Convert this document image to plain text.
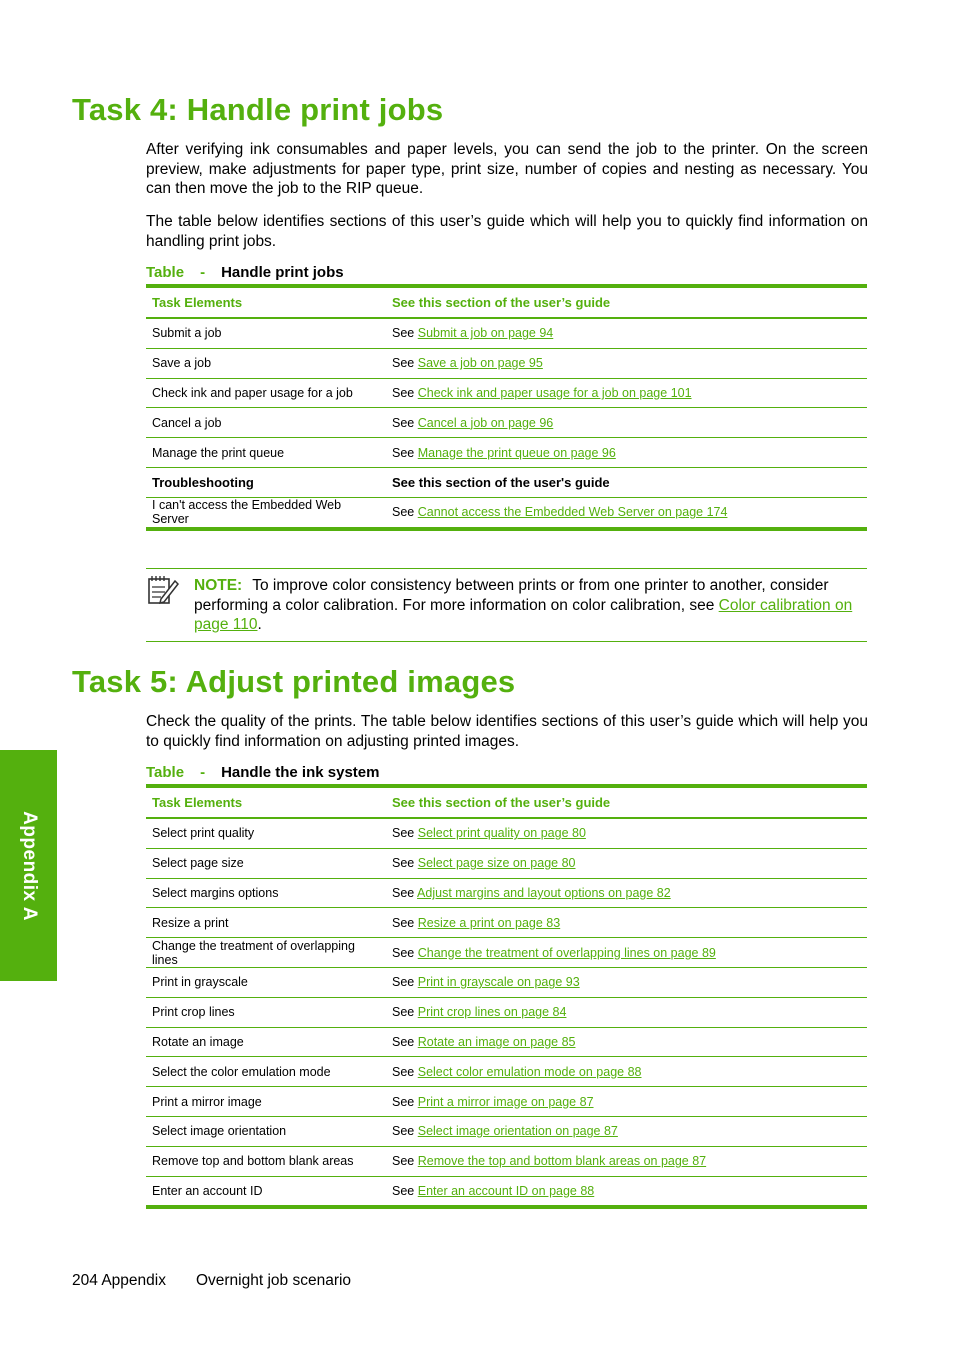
Task 4: Handle print jobs

After verifying ink consumables and paper levels, you can send the job to the printer. On the screen preview, make adjustments for paper type, print size, number of copies and nesting as necessary. You can then move the job to the RIP queue.

The table below identifies sections of this user’s guide which will help you to quickly find information on handling print jobs.

Table - Handle print jobs

Task Elements	See this section of the user’s guide
Submit a job	See Submit a job on page 94
Save a job	See Save a job on page 95
Check ink and paper usage for a job	See Check ink and paper usage for a job on page 101
Cancel a job	See Cancel a job on page 96
Manage the print queue	See Manage the print queue on page 96
Troubleshooting	See this section of the user's guide
I can't access the Embedded Web Server	See Cannot access the Embedded Web Server on page 174

NOTE: To improve color consistency between prints or from one printer to another, consider performing a color calibration. For more information on color calibration, see Color calibration on page 110.

Task 5: Adjust printed images

Check the quality of the prints. The table below identifies sections of this user’s guide which will help you to quickly find information on adjusting printed images.

Table - Handle the ink system

Task Elements	See this section of the user’s guide
Select print quality	See Select print quality on page 80
Select page size	See Select page size on page 80
Select margins options	See Adjust margins and layout options on page 82
Resize a print	See Resize a print on page 83
Change the treatment of overlapping lines	See Change the treatment of overlapping lines on page 89
Print in grayscale	See Print in grayscale on page 93
Print crop lines	See Print crop lines on page 84
Rotate an image	See Rotate an image on page 85
Select the color emulation mode	See Select color emulation mode on page 88
Print a mirror image	See Print a mirror image on page 87
Select image orientation	See Select image orientation on page 87
Remove top and bottom blank areas	See Remove the top and bottom blank areas on page 87
Enter an account ID	See Enter an account ID on page 88
Appendix A

204 Appendix Overnight job scenario
